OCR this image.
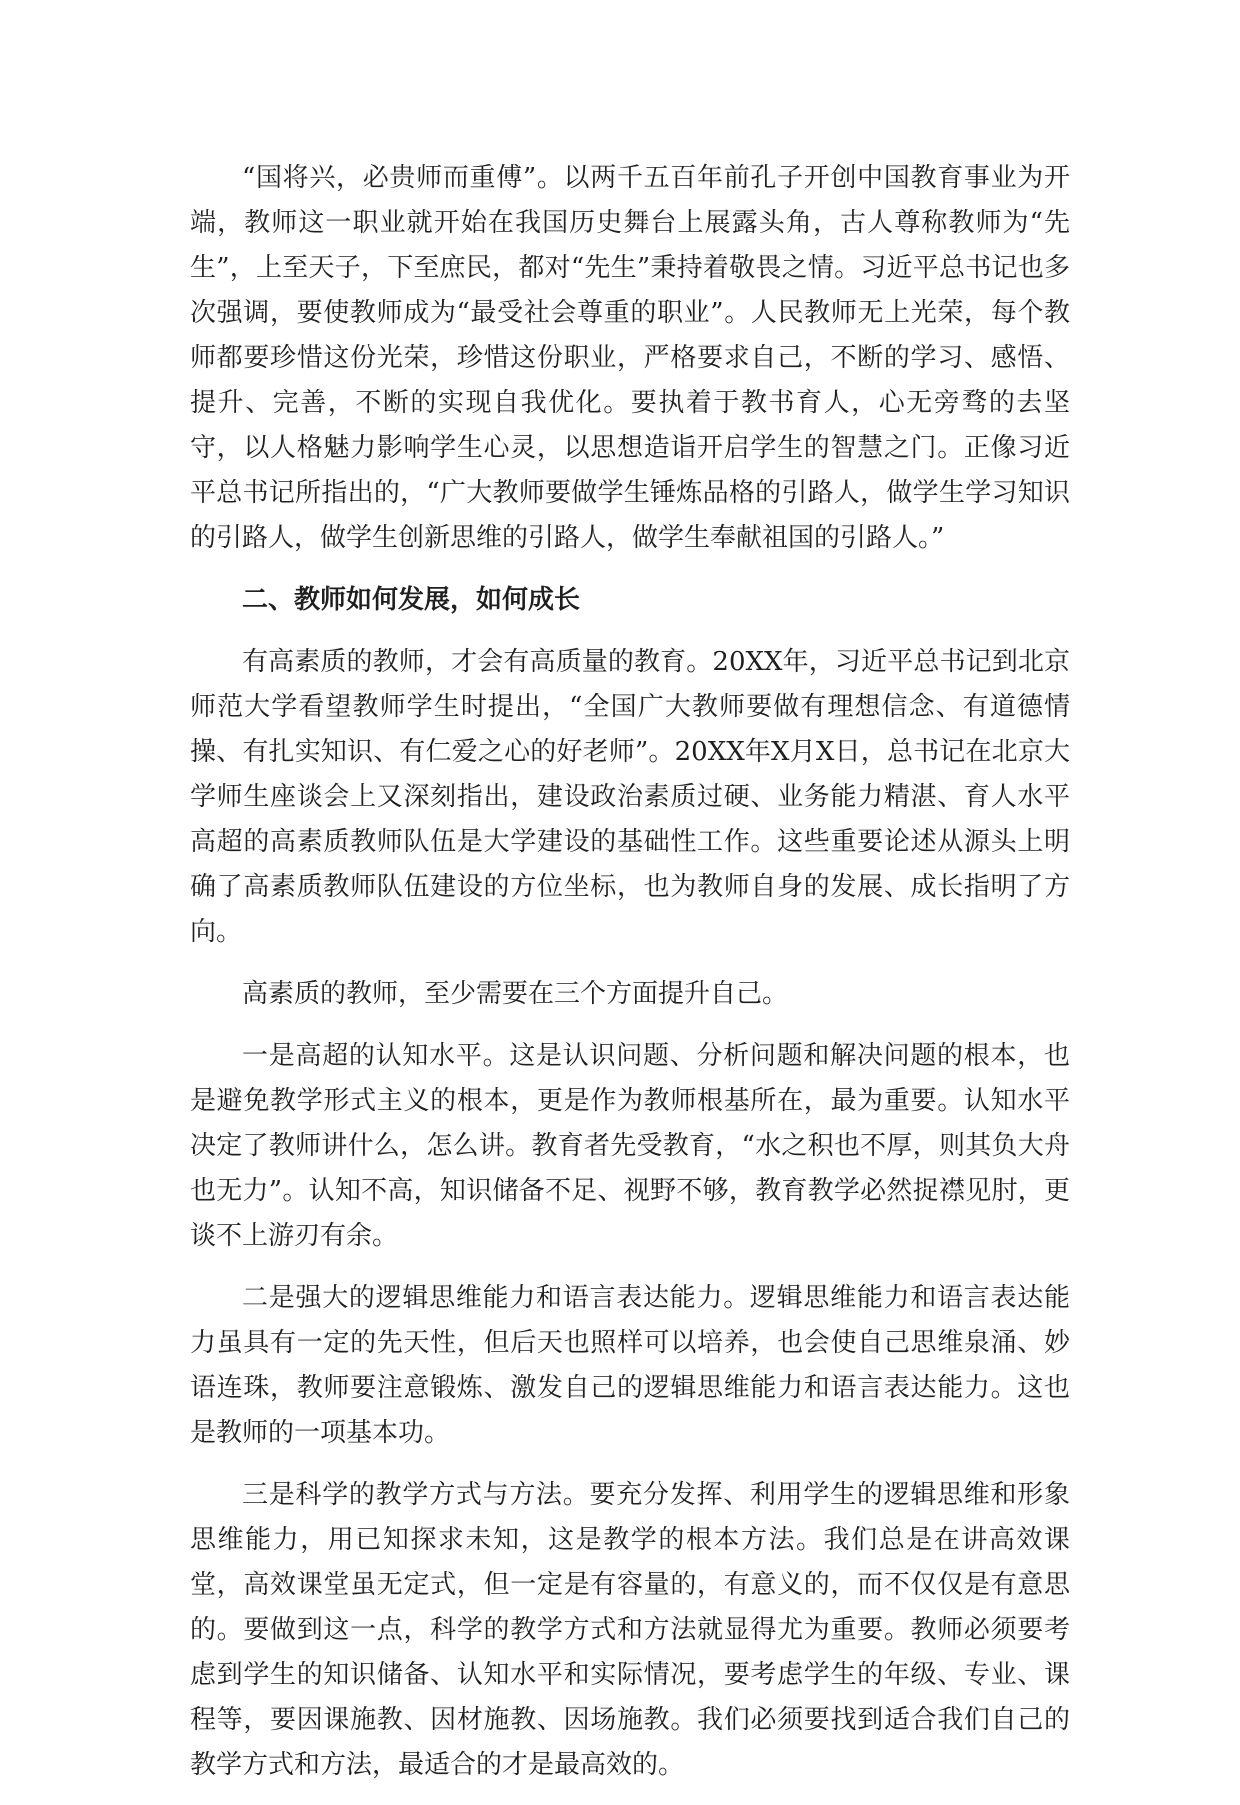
“国将兴，必贵师而重傅”。以两千五百年前孔子开创中国教育事业为开端，教师这一职业就开始在我国历史舞台上展露头角，古人尊称教师为“先生”，上至天子，下至庶民，都对“先生”秉持着敬畏之情。习近平总书记也多次强调，要使教师成为“最受社会尊重的职业”。人民教师无上光荣，每个教师都要珍惜这份光荣，珍惜这份职业，严格要求自己，不断的学习、感悟、提升、完善，不断的实现自我优化。要执着于教书育人，心无旁骛的去坚守，以人格魅力影响学生心灵，以思想造诣开启学生的智慧之门。正像习近平总书记所指出的，“广大教师要做学生锤炼品格的引路人，做学生学习知识的引路人，做学生创新思维的引路人，做学生奉献祖国的引路人。”

二、教师如何发展，如何成长

有高素质的教师，才会有高质量的教育。20XX年，习近平总书记到北京师范大学看望教师学生时提出，“全国广大教师要做有理想信念、有道德情操、有扎实知识、有仁爱之心的好老师”。20XX年X月X日，总书记在北京大学师生座谈会上又深刻指出，建设政治素质过硬、业务能力精湛、育人水平高超的高素质教师队伍是大学建设的基础性工作。这些重要论述从源头上明确了高素质教师队伍建设的方位坐标，也为教师自身的发展、成长指明了方向。

高素质的教师，至少需要在三个方面提升自己。

一是高超的认知水平。这是认识问题、分析问题和解决问题的根本，也是避免教学形式主义的根本，更是作为教师根基所在，最为重要。认知水平决定了教师讲什么，怎么讲。教育者先受教育，“水之积也不厚，则其负大舟也无力”。认知不高，知识储备不足、视野不够，教育教学必然捉襟见肘，更谈不上游刃有余。

二是强大的逻辑思维能力和语言表达能力。逻辑思维能力和语言表达能力虽具有一定的先天性，但后天也照样可以培养，也会使自己思维泉涌、妙语连珠，教师要注意锻炼、激发自己的逻辑思维能力和语言表达能力。这也是教师的一项基本功。

三是科学的教学方式与方法。要充分发挥、利用学生的逻辑思维和形象思维能力，用已知探求未知，这是教学的根本方法。我们总是在讲高效课堂，高效课堂虽无定式，但一定是有容量的，有意义的，而不仅仅是有意思的。要做到这一点，科学的教学方式和方法就显得尤为重要。教师必须要考虑到学生的知识储备、认知水平和实际情况，要考虑学生的年级、专业、课程等，要因课施教、因材施教、因场施教。我们必须要找到适合我们自己的教学方式和方法，最适合的才是最高效的。
